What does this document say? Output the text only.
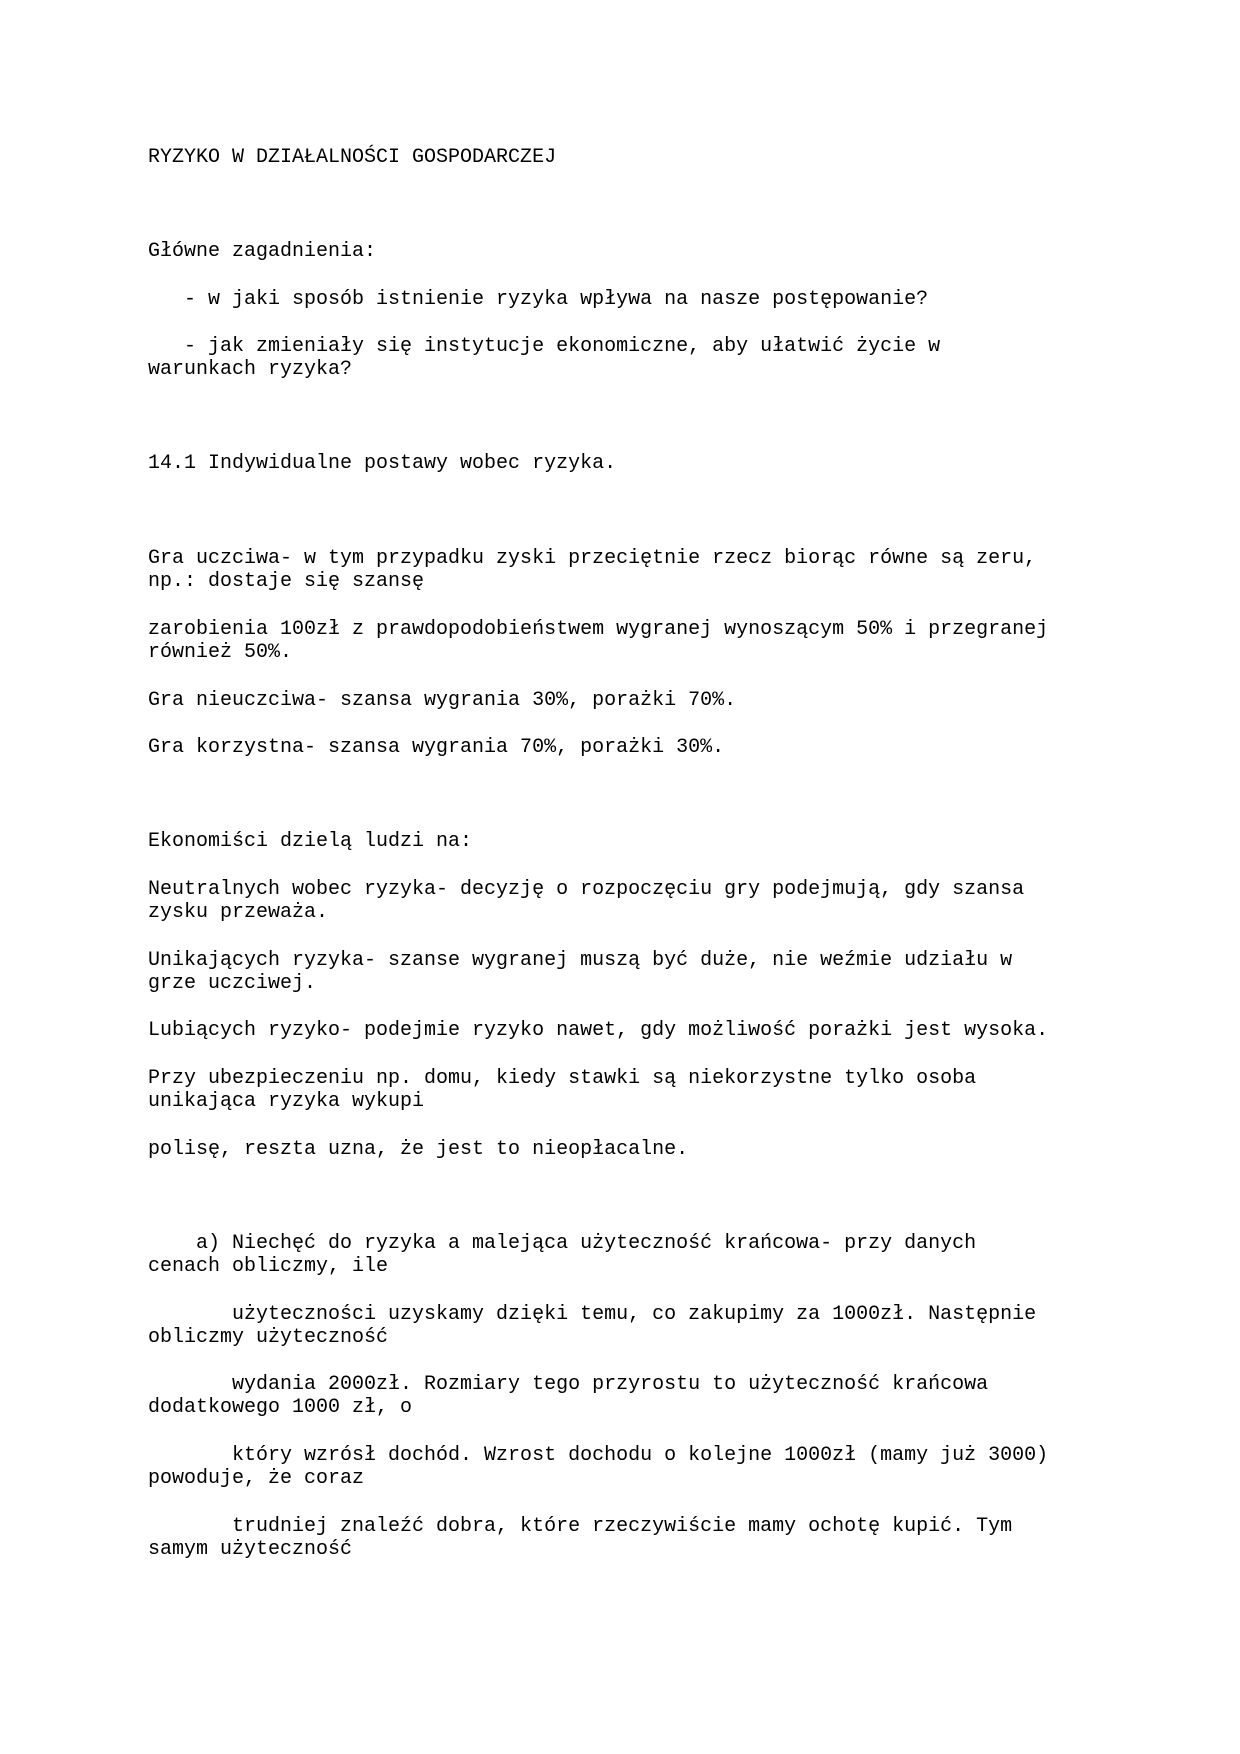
RYZYKO W DZIAŁALNOŚCI GOSPODARCZEJ

Główne zagadnienia:

- w jaki sposób istnienie ryzyka wpływa na nasze postępowanie?

- jak zmieniały się instytucje ekonomiczne, aby ułatwić życie w

warunkach ryzyka?

14.1 Indywidualne postawy wobec ryzyka.

Gra uczciwa- w tym przypadku zyski przeciętnie rzecz biorąc równe są zeru,

np.: dostaje się szansę

zarobienia 100zł z prawdopodobieństwem wygranej wynoszącym 50% i przegranej

również 50%.

Gra nieuczciwa- szansa wygrania 30%, porażki 70%.

Gra korzystna- szansa wygrania 70%, porażki 30%.

Ekonomiści dzielą ludzi na:

Neutralnych wobec ryzyka- decyzję o rozpoczęciu gry podejmują, gdy szansa

zysku przeważa.

Unikających ryzyka- szanse wygranej muszą być duże, nie weźmie udziału w

grze uczciwej.

Lubiących ryzyko- podejmie ryzyko nawet, gdy możliwość porażki jest wysoka.

Przy ubezpieczeniu np. domu, kiedy stawki są niekorzystne tylko osoba

unikająca ryzyka wykupi

polisę, reszta uzna, że jest to nieopłacalne.

a) Niechęć do ryzyka a malejąca użyteczność krańcowa- przy danych

cenach obliczmy, ile

użyteczności uzyskamy dzięki temu, co zakupimy za 1000zł. Następnie

obliczmy użyteczność

wydania 2000zł. Rozmiary tego przyrostu to użyteczność krańcowa

dodatkowego 1000 zł, o

który wzrósł dochód. Wzrost dochodu o kolejne 1000zł (mamy już 3000)

powoduje, że coraz

trudniej znaleźć dobra, które rzeczywiście mamy ochotę kupić. Tym

samym użyteczność
